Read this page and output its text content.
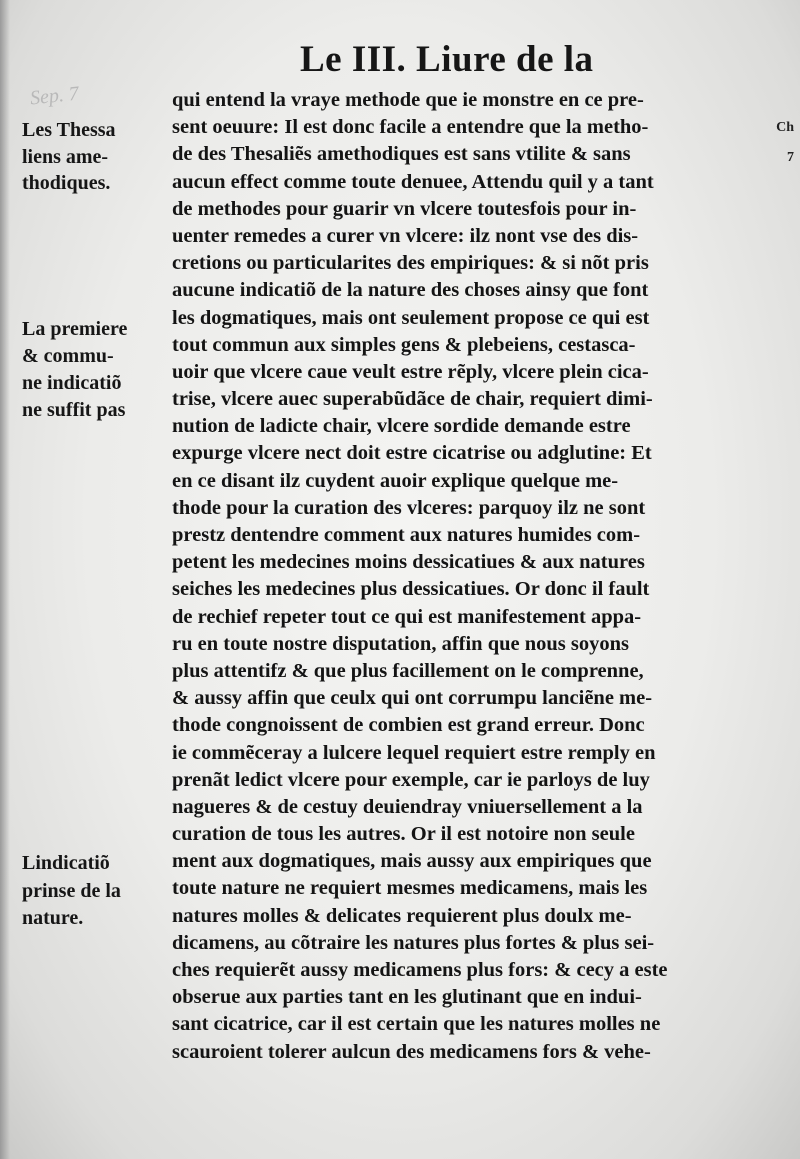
Sep. 7
Le III. Liure de la
Ch
7
Les Thessa
liens ame-
thodiques.
La premiere
& commu-
ne indicatiõ
ne suffit pas
Lindicatiõ
prinse de la
nature.
qui entend la vraye methode que ie monstre en ce pre-
sent oeuure: Il est donc facile a entendre que la metho-
de des Thesaliẽs amethodiques est sans vtilite & sans
aucun effect comme toute denuee, Attendu quil y a tant
de methodes pour guarir vn vlcere toutesfois pour in-
uenter remedes a curer vn vlcere: ilz nont vse des dis-
cretions ou particularites des empiriques: & si nõt pris
aucune indicatiõ de la nature des choses ainsy que font
les dogmatiques, mais ont seulement propose ce qui est
tout commun aux simples gens & plebeiens, cestasca-
uoir que vlcere caue veult estre rẽply, vlcere plein cica-
trise, vlcere auec superabũdãce de chair, requiert dimi-
nution de ladicte chair, vlcere sordide demande estre
expurge vlcere nect doit estre cicatrise ou adglutine: Et
en ce disant ilz cuydent auoir explique quelque me-
thode pour la curation des vlceres: parquoy ilz ne sont
prestz dentendre comment aux natures humides com-
petent les medecines moins dessicatiues & aux natures
seiches les medecines plus dessicatiues. Or donc il fault
de rechief repeter tout ce qui est manifestement appa-
ru en toute nostre disputation, affin que nous soyons
plus attentifz & que plus facillement on le comprenne,
& aussy affin que ceulx qui ont corrumpu lanciẽne me-
thode congnoissent de combien est grand erreur. Donc
ie commẽceray a lulcere lequel requiert estre remply en
prenãt ledict vlcere pour exemple, car ie parloys de luy
nagueres & de cestuy deuiendray vniuersellement a la
curation de tous les autres. Or il est notoire non seule
ment aux dogmatiques, mais aussy aux empiriques que
toute nature ne requiert mesmes medicamens, mais les
natures molles & delicates requierent plus doulx me-
dicamens, au cõtraire les natures plus fortes & plus sei-
ches requierẽt aussy medicamens plus fors: & cecy a este
obserue aux parties tant en les glutinant que en indui-
sant cicatrice, car il est certain que les natures molles ne
scauroient tolerer aulcun des medicamens fors & vehe-
